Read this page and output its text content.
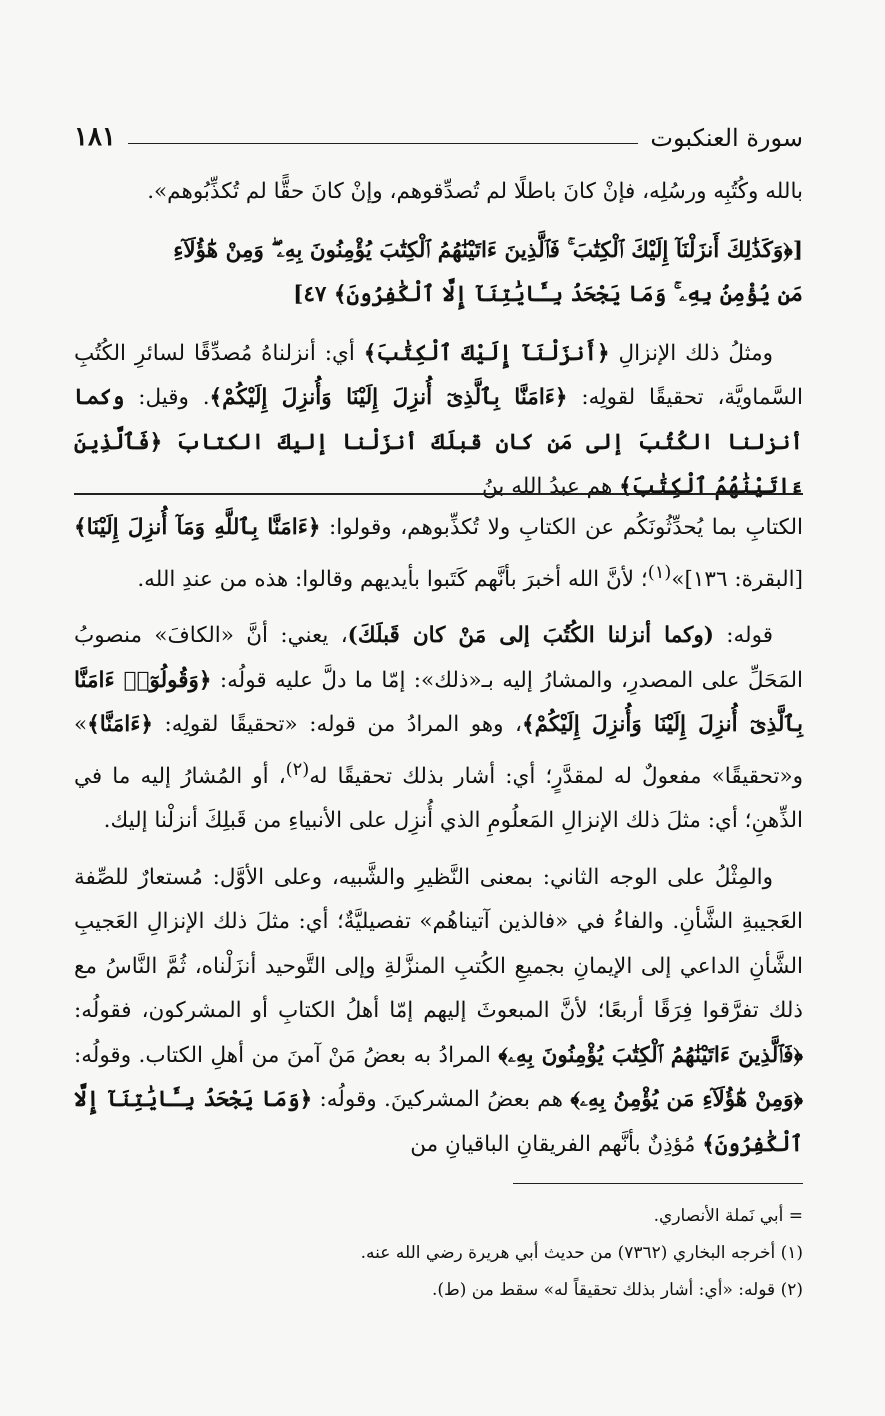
سورة العنكبوت
١٨١

بالله وكُتُبِه ورسُلِه، فإنْ كانَ باطلًا لم تُصدِّقوهم، وإنْ كانَ حقًّا لم تُكذِّبُوهم».

[﴿وَكَذَٰلِكَ أَنزَلْنَآ إِلَيْكَ ٱلْكِتَٰبَ ۚ فَٱلَّذِينَ ءَاتَيْنَٰهُمُ ٱلْكِتَٰبَ يُؤْمِنُونَ بِهِۦ ۖ وَمِنْ هَٰٓؤُلَآءِ

مَن يُؤْمِنُ بِهِۦ ۚ وَمَا يَجْحَدُ بِـَٔايَٰتِنَآ إِلَّا ٱلْكَٰفِرُونَ﴾ ٤٧]

ومثلُ ذلك الإنزالِ ﴿أَنزَلْنَآ إِلَيْكَ ٱلْكِتَٰبَ﴾ أي: أنزلناهُ مُصدِّقًا لسائرِ الكُتُبِ السَّماويَّة، تحقيقًا لقولِه: ﴿ءَامَنَّا بِٱلَّذِىٓ أُنزِلَ إِلَيْنَا وَأُنزِلَ إِلَيْكُمْ﴾. وقيل: وكما أنزلنا الكُتُبَ إلى مَن كان قبلَكَ أنزَلْنا إليكَ الكتابَ ﴿فَٱلَّذِينَ ءَاتَيْنَٰهُمُ ٱلْكِتَٰبَ﴾ هم عبدُ الله بنُ

الكتابِ بما يُحدِّثُونَكُم عن الكتابِ ولا تُكذِّبوهم، وقولوا: ﴿ءَامَنَّا بِٱللَّهِ وَمَآ أُنزِلَ إِلَيْنَا﴾ [البقرة: ١٣٦]»$^{(١)}$؛ لأنَّ الله أخبرَ بأنَّهم كَتَبوا بأيديهم وقالوا: هذه من عندِ الله.

قوله: (وكما أنزلنا الكُتُبَ إلى مَنْ كان قَبلَكَ)، يعني: أنَّ «الكافَ» منصوبُ المَحَلِّ على المصدرِ، والمشارُ إليه بـ«ذلك»: إمّا ما دلَّ عليه قولُه: ﴿وَقُولُوٓا۟ ءَامَنَّا بِٱلَّذِىٓ أُنزِلَ إِلَيْنَا وَأُنزِلَ إِلَيْكُمْ﴾، وهو المرادُ من قوله: «تحقيقًا لقولِه: ﴿ءَامَنَّا﴾» و«تحقيقًا» مفعولٌ له لمقدَّرٍ؛ أي: أشار بذلك تحقيقًا له$^{(٢)}$، أو المُشارُ إليه ما في الذِّهنِ؛ أي: مثلَ ذلك الإنزالِ المَعلُومِ الذي أُنزِل على الأنبياءِ من قَبلِكَ أنزلْنا إليك.

والمِثْلُ على الوجه الثاني: بمعنى النَّظيرِ والشَّبيه، وعلى الأوَّل: مُستعارٌ للصِّفة العَجيبةِ الشَّأنِ. والفاءُ في «فالذين آتيناهُم» تفصيليَّةٌ؛ أي: مثلَ ذلك الإنزالِ العَجيبِ الشَّأنِ الداعي إلى الإيمانِ بجميعِ الكُتبِ المنزَّلةِ وإلى التَّوحيد أنزَلْناه، ثُمَّ النَّاسُ مع ذلك تفرَّقوا فِرَقًا أربعًا؛ لأنَّ المبعوثَ إليهم إمّا أهلُ الكتابِ أو المشركون، فقولُه: ﴿فَٱلَّذِينَ ءَاتَيْنَٰهُمُ ٱلْكِتَٰبَ يُؤْمِنُونَ بِهِۦ﴾ المرادُ به بعضُ مَنْ آمنَ من أهلِ الكتاب. وقولُه: ﴿وَمِنْ هَٰٓؤُلَآءِ مَن يُؤْمِنُ بِهِۦ﴾ هم بعضُ المشركينَ. وقولُه: ﴿وَمَا يَجْحَدُ بِـَٔايَٰتِنَآ إِلَّا ٱلْكَٰفِرُونَ﴾ مُؤذِنٌ بأنَّهم الفريقانِ الباقيانِ من

= أبي نَملة الأنصاري.

(١) أخرجه البخاري (٧٣٦٢) من حديث أبي هريرة رضي الله عنه.

(٢) قوله: «أي: أشار بذلك تحقيقاً له» سقط من (ط).
